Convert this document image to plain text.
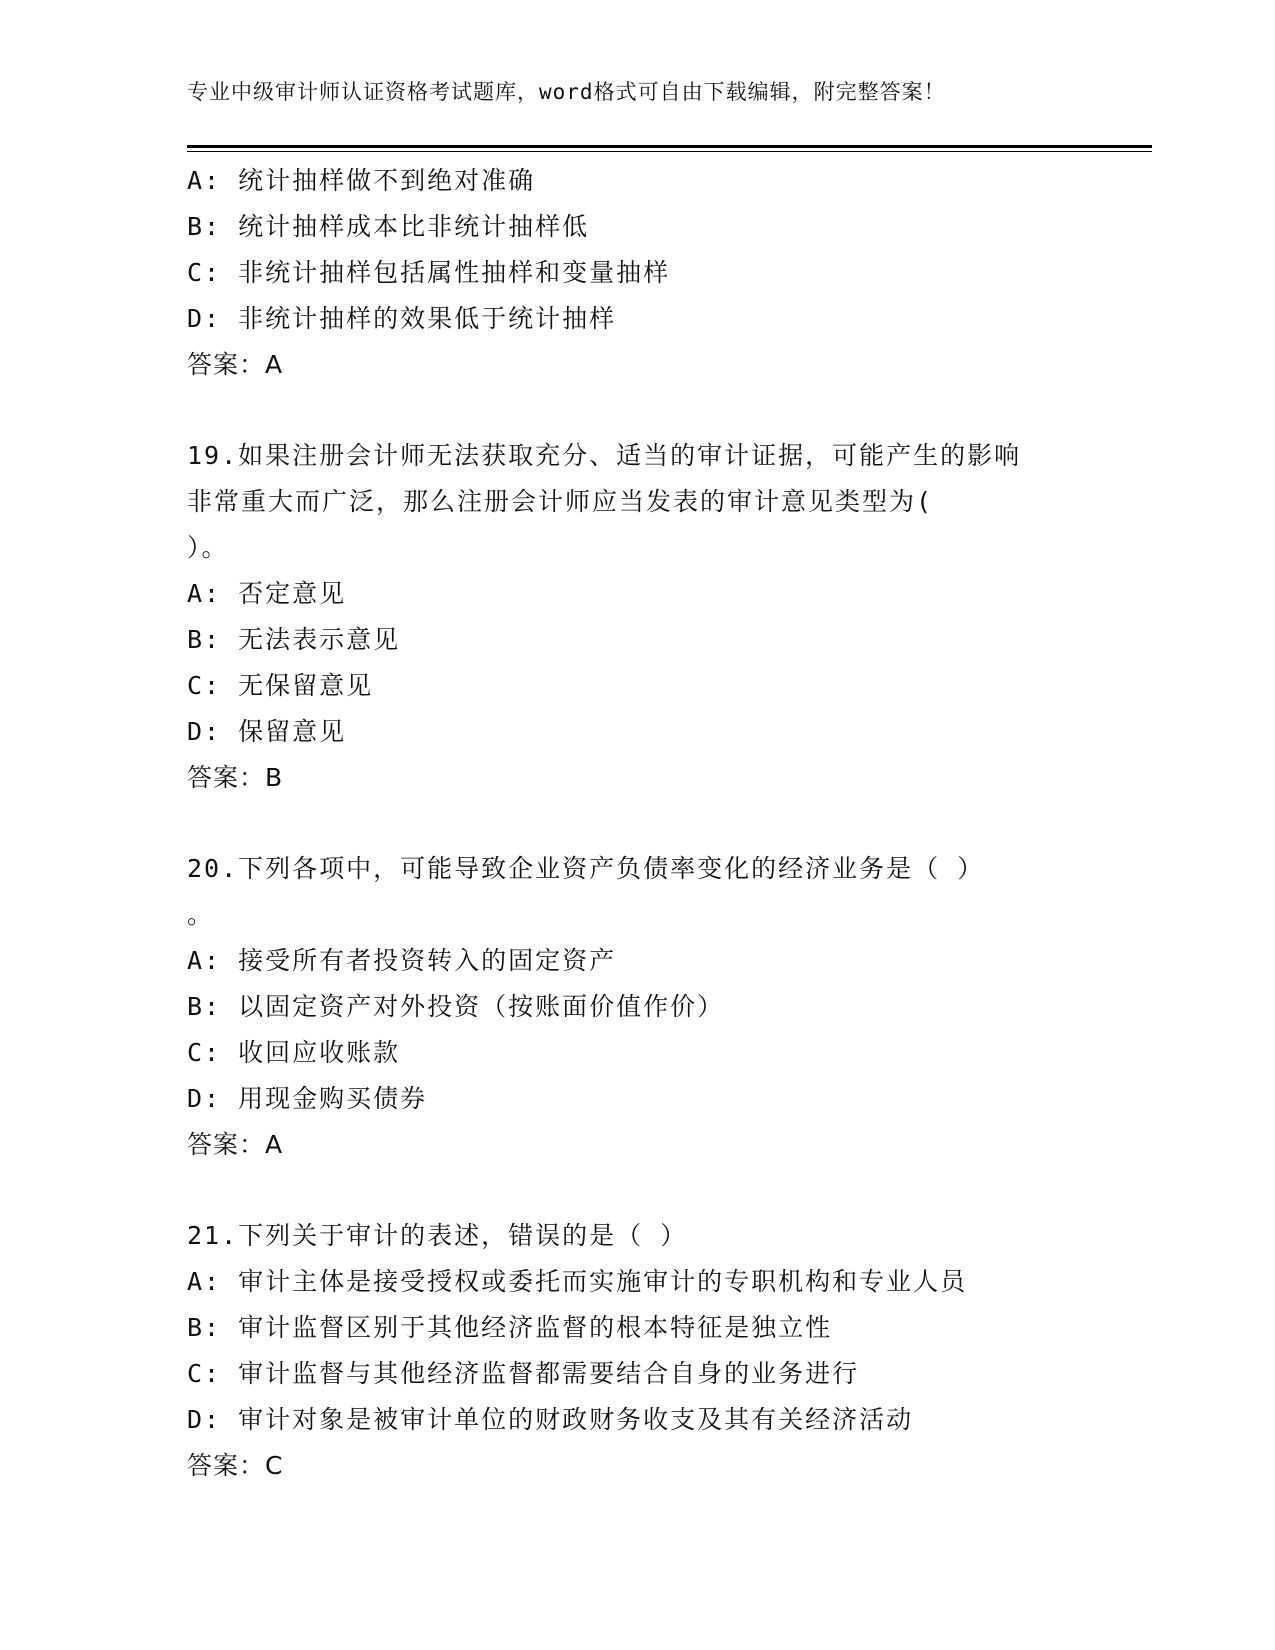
专业中级审计师认证资格考试题库，word格式可自由下载编辑，附完整答案！
A: 统计抽样做不到绝对准确
B: 统计抽样成本比非统计抽样低
C: 非统计抽样包括属性抽样和变量抽样
D: 非统计抽样的效果低于统计抽样
答案：A
19.如果注册会计师无法获取充分、适当的审计证据，可能产生的影响
非常重大而广泛，那么注册会计师应当发表的审计意见类型为(
）。
A: 否定意见
B: 无法表示意见
C: 无保留意见
D: 保留意见
答案：B
20.下列各项中，可能导致企业资产负债率变化的经济业务是（ ）
。
A: 接受所有者投资转入的固定资产
B: 以固定资产对外投资（按账面价值作价）
C: 收回应收账款
D: 用现金购买债券
答案：A
21.下列关于审计的表述，错误的是（ ）
A: 审计主体是接受授权或委托而实施审计的专职机构和专业人员
B: 审计监督区别于其他经济监督的根本特征是独立性
C: 审计监督与其他经济监督都需要结合自身的业务进行
D: 审计对象是被审计单位的财政财务收支及其有关经济活动
答案：C
